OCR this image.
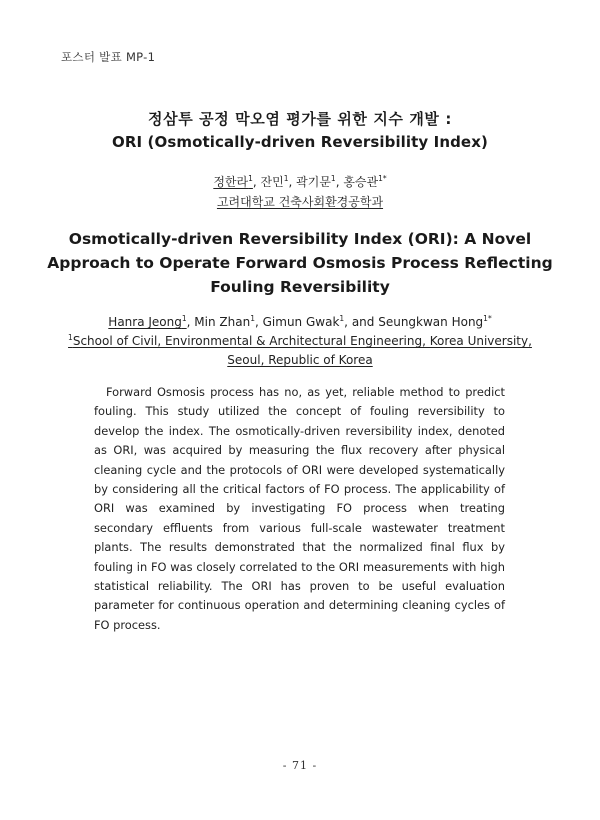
포스터 발표 MP-1
정삼투 공정 막오염 평가를 위한 지수 개발 :
ORI (Osmotically-driven Reversibility Index)
정한라$^1$, 잔민$^1$, 곽기문$^1$, 홍승관$^{1*}$
고려대학교 건축사회환경공학과
Osmotically-driven Reversibility Index (ORI): A Novel
Approach to Operate Forward Osmosis Process Reflecting
Fouling Reversibility
Hanra Jeong$^1$, Min Zhan$^1$, Gimun Gwak$^1$, and Seungkwan Hong$^{1*}$
$^1$School of Civil, Environmental & Architectural Engineering, Korea University,
Seoul, Republic of Korea

Forward Osmosis process has no, as yet, reliable method to predict fouling. This study utilized the concept of fouling reversibility to develop the index. The osmotically-driven reversibility index, denoted as ORI, was acquired by measuring the flux recovery after physical cleaning cycle and the protocols of ORI were developed systematically by considering all the critical factors of FO process. The applicability of ORI was examined by investigating FO process when treating secondary effluents from various full-scale wastewater treatment plants. The results demonstrated that the normalized final flux by fouling in FO was closely correlated to the ORI measurements with high statistical reliability. The ORI has proven to be useful evaluation parameter for continuous operation and determining cleaning cycles of FO process.

- 71 -
